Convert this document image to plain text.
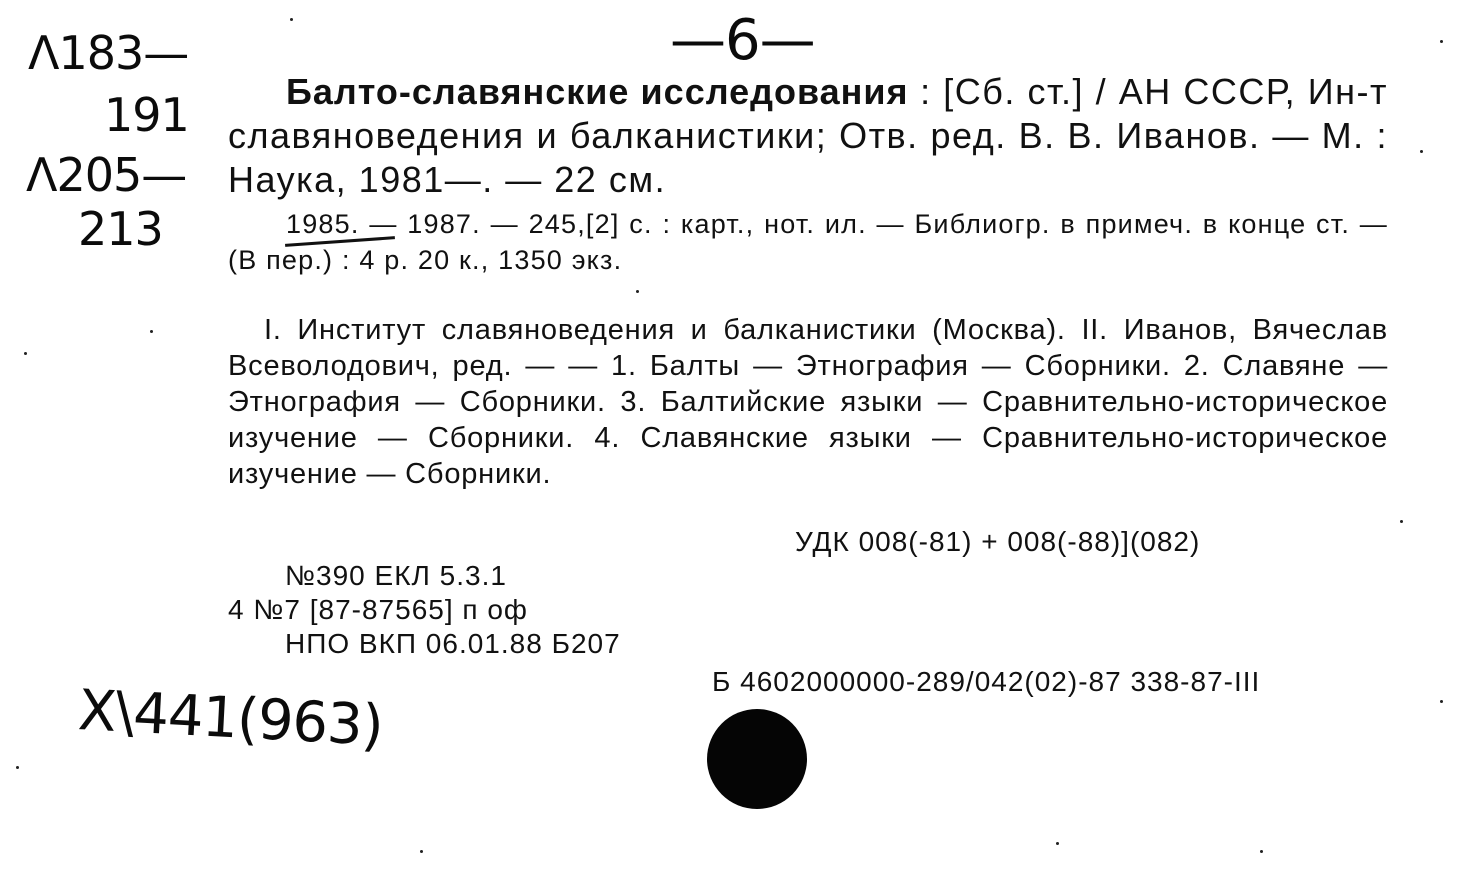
—6—
Λ183—
191
Λ205—
213
Балто-славянские исследования : [Сб. ст.] / АН СССР, Ин-т славяноведения и балканистики; Отв. ред. В. В. Иванов. — М. : Наука, 1981—. — 22 см.
1985. — 1987. — 245,[2] с. : карт., нот. ил. — Библиогр. в примеч. в конце ст. — (В пер.) : 4 р. 20 к., 1350 экз.
I. Институт славяноведения и балканистики (Москва). II. Иванов, Вячеслав Всеволодович, ред. — — 1. Балты — Этнография — Сборники. 2. Славяне — Этнография — Сборники. 3. Балтийские языки — Сравнительно-историческое изучение — Сборники. 4. Славянские языки — Сравнительно-историческое изучение — Сборники.
УДК 008(-81) + 008(-88)](082)
№390 ЕКЛ 5.3.1
4 №7 [87-87565] п оф
НПО ВКП 06.01.88 Б207
Б 4602000000-289/042(02)-87 338-87-III
X\441(963)
